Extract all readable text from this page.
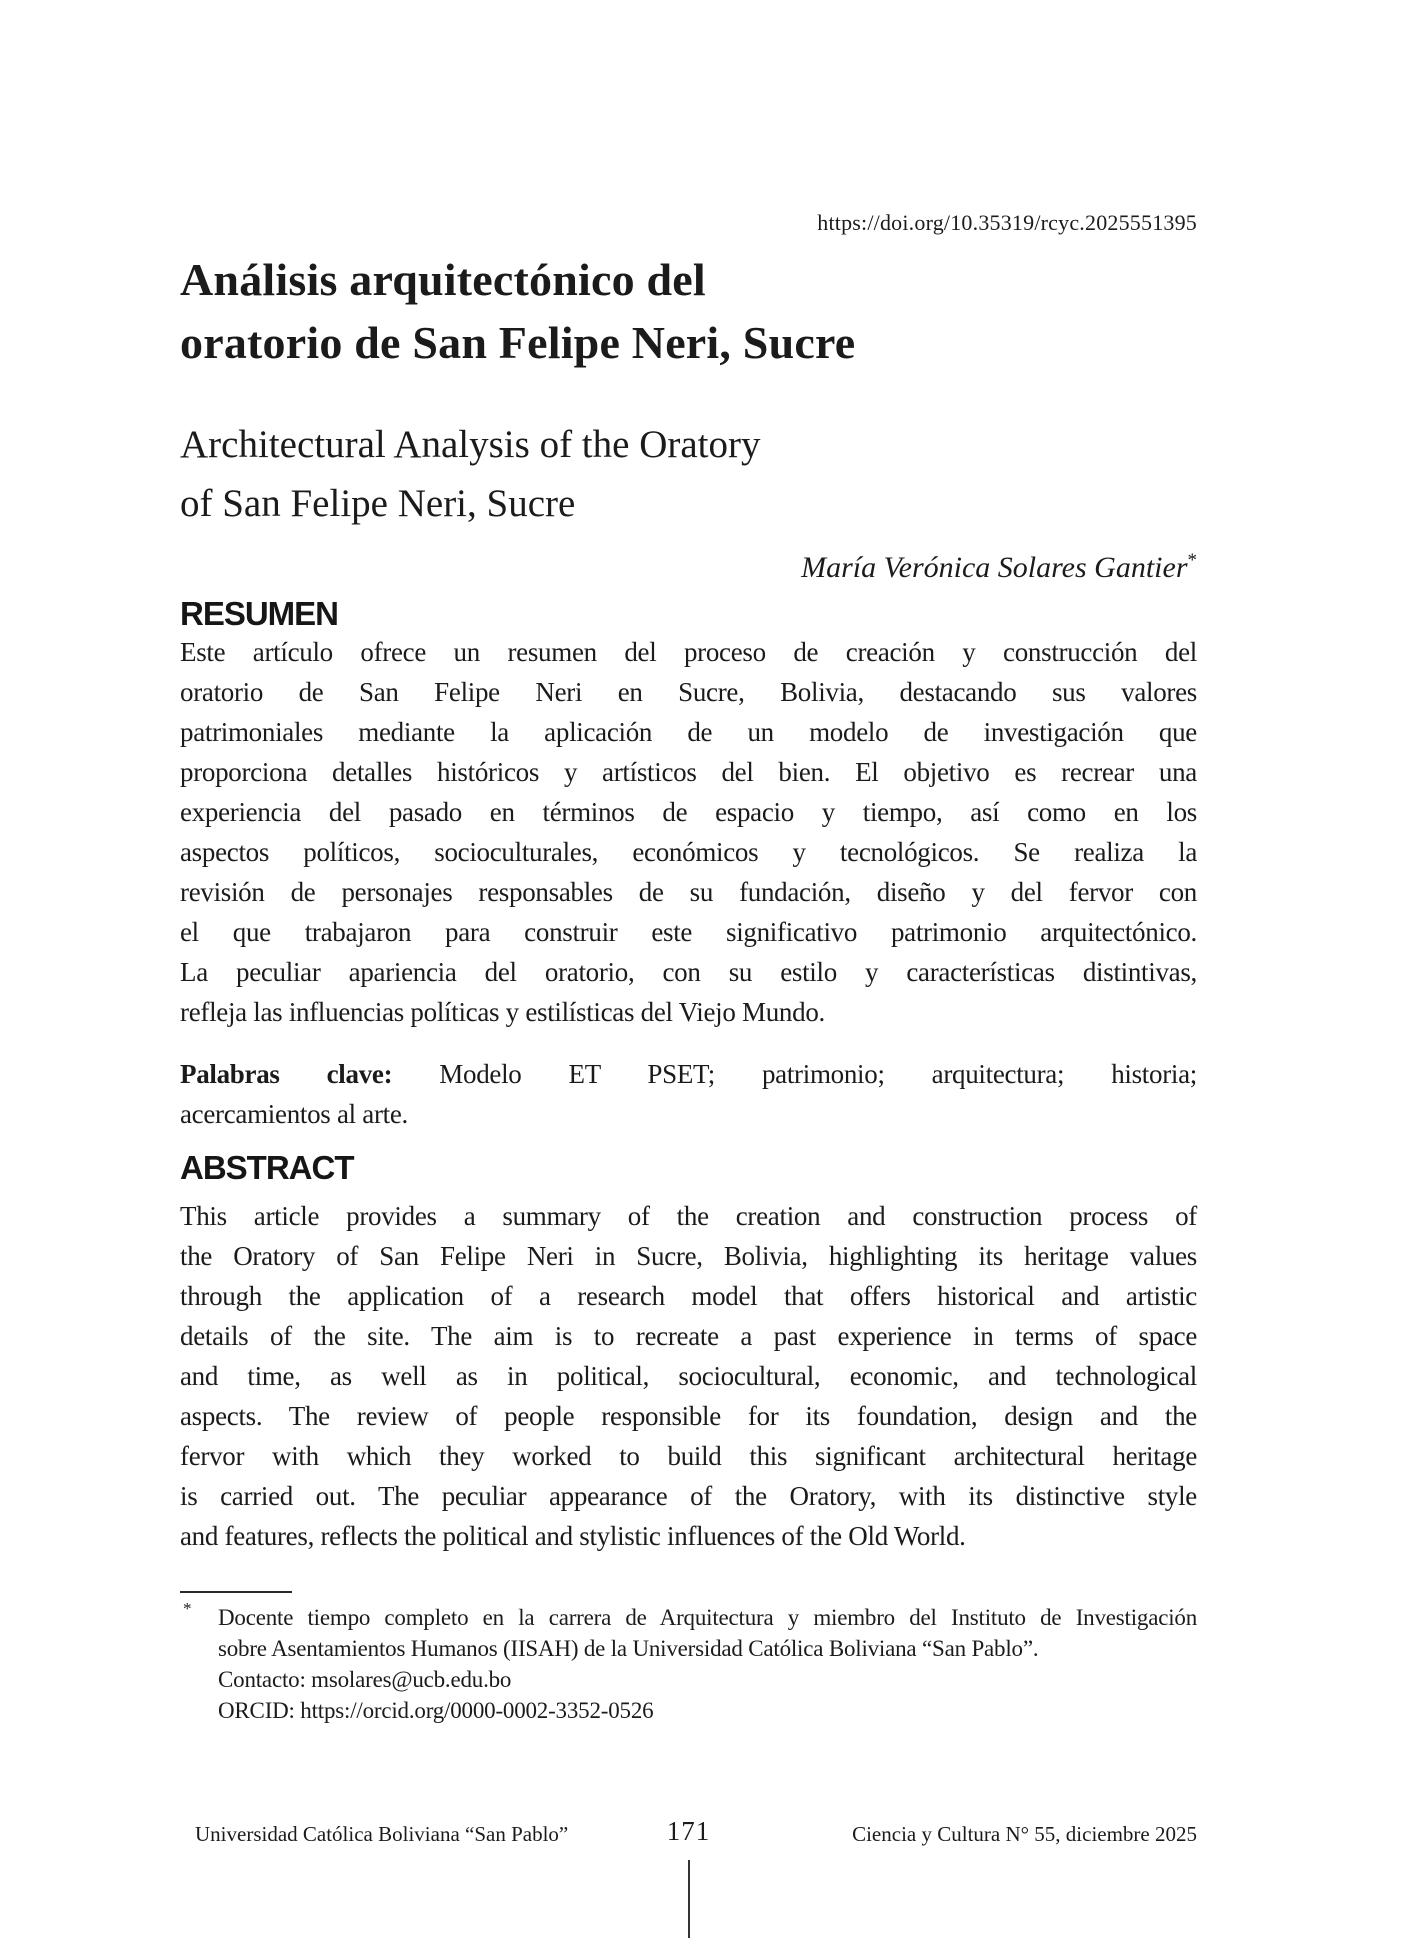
https://doi.org/10.35319/rcyc.2025551395
Análisis arquitectónico del
oratorio de San Felipe Neri, Sucre
Architectural Analysis of the Oratory
of San Felipe Neri, Sucre
María Verónica Solares Gantier*
RESUMEN
Este artículo ofrece un resumen del proceso de creación y construcción del
oratorio de San Felipe Neri en Sucre, Bolivia, destacando sus valores
patrimoniales mediante la aplicación de un modelo de investigación que
proporciona detalles históricos y artísticos del bien. El objetivo es recrear una
experiencia del pasado en términos de espacio y tiempo, así como en los
aspectos políticos, socioculturales, económicos y tecnológicos. Se realiza la
revisión de personajes responsables de su fundación, diseño y del fervor con
el que trabajaron para construir este significativo patrimonio arquitectónico.
La peculiar apariencia del oratorio, con su estilo y características distintivas,
refleja las influencias políticas y estilísticas del Viejo Mundo.
Palabras clave: Modelo ET PSET; patrimonio; arquitectura; historia;
acercamientos al arte.
ABSTRACT
This article provides a summary of the creation and construction process of
the Oratory of San Felipe Neri in Sucre, Bolivia, highlighting its heritage values
through the application of a research model that offers historical and artistic
details of the site. The aim is to recreate a past experience in terms of space
and time, as well as in political, sociocultural, economic, and technological
aspects. The review of people responsible for its foundation, design and the
fervor with which they worked to build this significant architectural heritage
is carried out. The peculiar appearance of the Oratory, with its distinctive style
and features, reflects the political and stylistic influences of the Old World.
*	Docente tiempo completo en la carrera de Arquitectura y miembro del Instituto de Investigación
sobre Asentamientos Humanos (IISAH) de la Universidad Católica Boliviana “San Pablo”.
Contacto: msolares@ucb.edu.bo
ORCID: https://orcid.org/0000-0002-3352-0526
Universidad Católica Boliviana “San Pablo”	171	Ciencia y Cultura N° 55, diciembre 2025
